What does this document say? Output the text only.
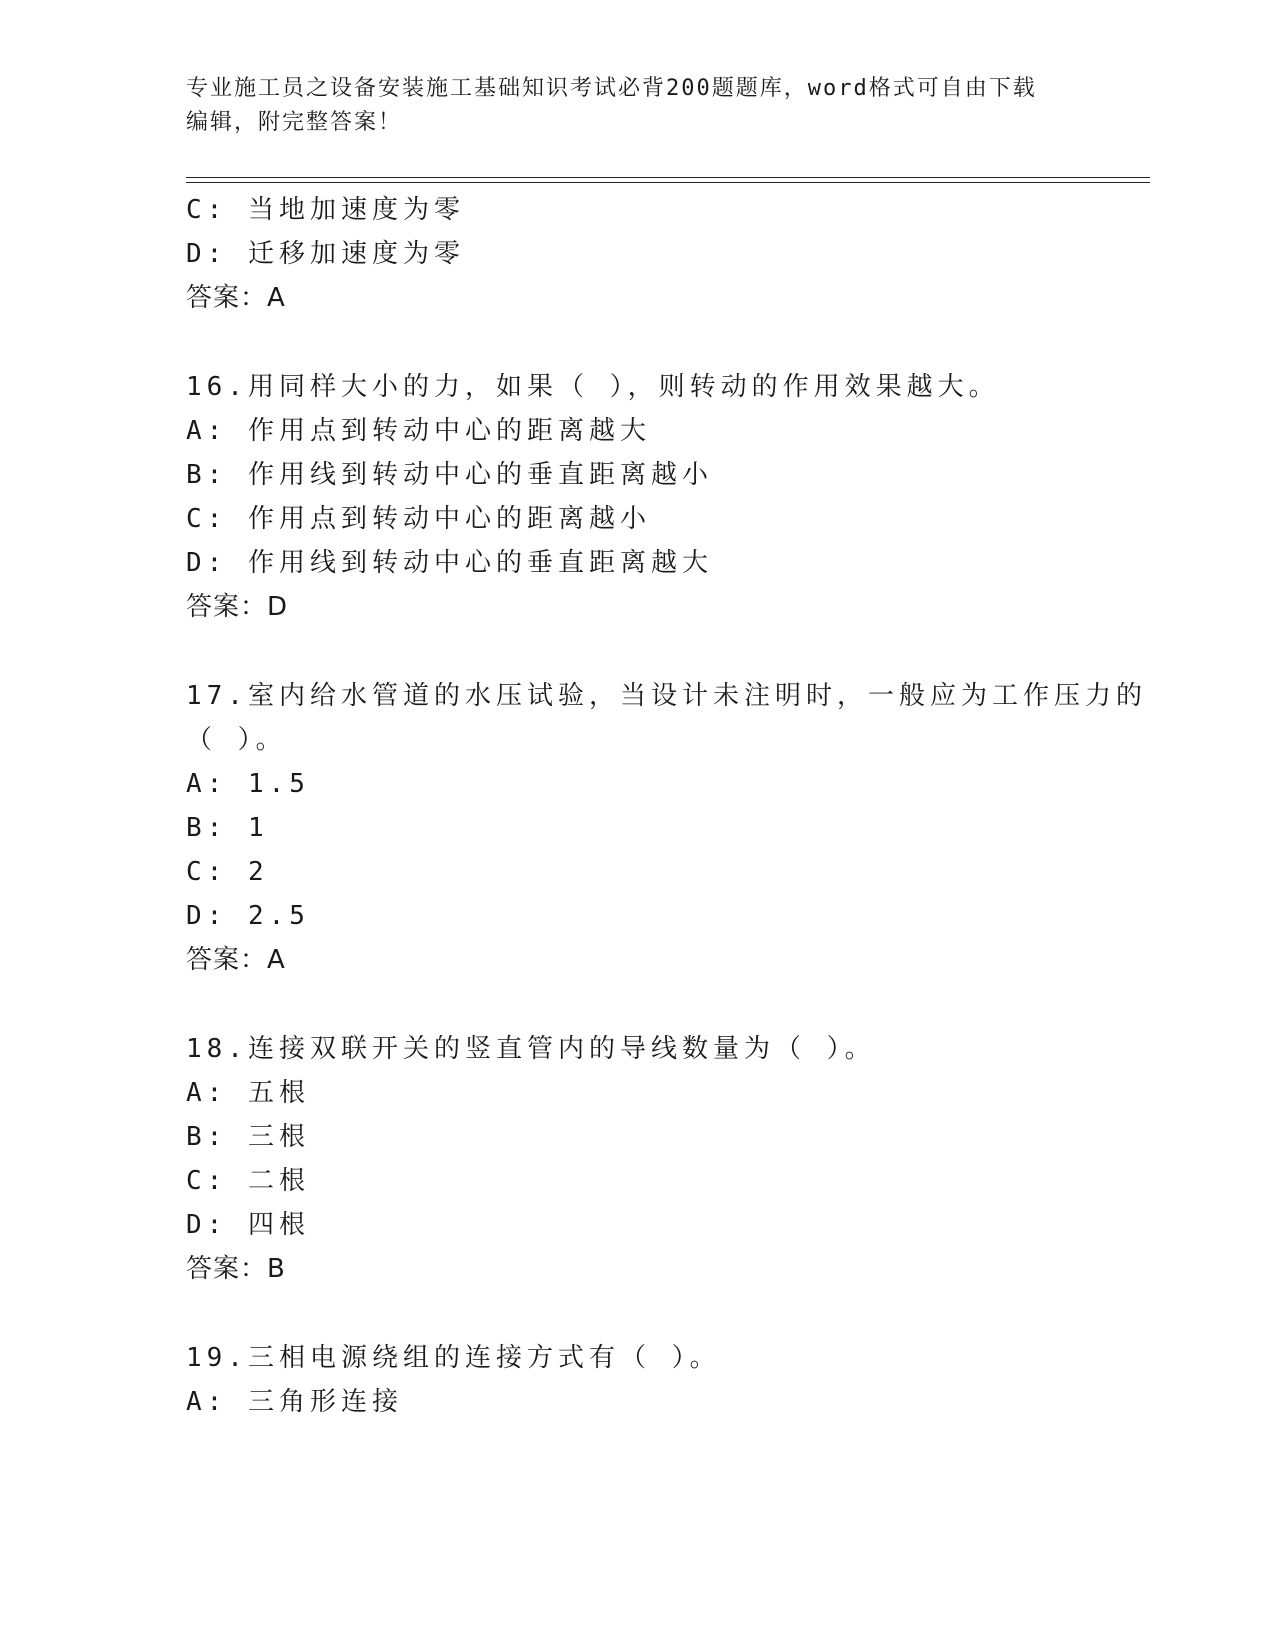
专业施工员之设备安装施工基础知识考试必背200题题库，word格式可自由下载
编辑，附完整答案！
C: 当地加速度为零
D: 迁移加速度为零
答案：A
16.用同样大小的力，如果（ ），则转动的作用效果越大。
A: 作用点到转动中心的距离越大
B: 作用线到转动中心的垂直距离越小
C: 作用点到转动中心的距离越小
D: 作用线到转动中心的垂直距离越大
答案：D
17.室内给水管道的水压试验，当设计未注明时，一般应为工作压力的
（ ）。
A: 1.5
B: 1
C: 2
D: 2.5
答案：A
18.连接双联开关的竖直管内的导线数量为（ ）。
A: 五根
B: 三根
C: 二根
D: 四根
答案：B
19.三相电源绕组的连接方式有（ ）。
A: 三角形连接
